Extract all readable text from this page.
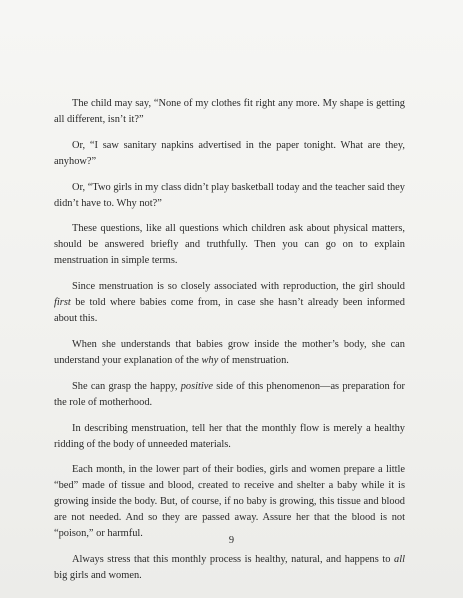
The child may say, “None of my clothes fit right any more. My shape is getting all different, isn’t it?”

Or, “I saw sanitary napkins advertised in the paper tonight. What are they, anyhow?”

Or, “Two girls in my class didn’t play basketball today and the teacher said they didn’t have to. Why not?”

These questions, like all questions which children ask about physical matters, should be answered briefly and truthfully. Then you can go on to explain menstruation in simple terms.

Since menstruation is so closely associated with reproduction, the girl should first be told where babies come from, in case she hasn’t already been informed about this.

When she understands that babies grow inside the mother’s body, she can understand your explanation of the why of menstruation.

She can grasp the happy, positive side of this phenomenon—as preparation for the role of motherhood.

In describing menstruation, tell her that the monthly flow is merely a healthy ridding of the body of unneeded materials.

Each month, in the lower part of their bodies, girls and women prepare a little “bed” made of tissue and blood, created to receive and shelter a baby while it is growing inside the body. But, of course, if no baby is growing, this tissue and blood are not needed. And so they are passed away. Assure her that the blood is not “poison,” or harmful.

Always stress that this monthly process is healthy, natural, and happens to all big girls and women.

9
